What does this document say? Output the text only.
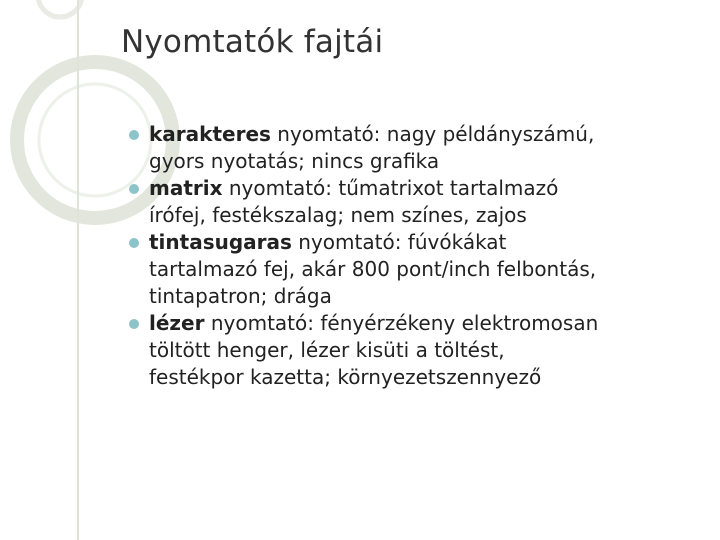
Nyomtatók fajtái
karakteres nyomtató: nagy példányszámú,
gyors nyotatás; nincs grafika
matrix nyomtató: tűmatrixot tartalmazó
írófej, festékszalag; nem színes, zajos
tintasugaras nyomtató: fúvókákat
tartalmazó fej, akár 800 pont/inch felbontás,
tintapatron; drága
lézer nyomtató: fényérzékeny elektromosan
töltött henger, lézer kisüti a töltést,
festékpor kazetta; környezetszennyező
